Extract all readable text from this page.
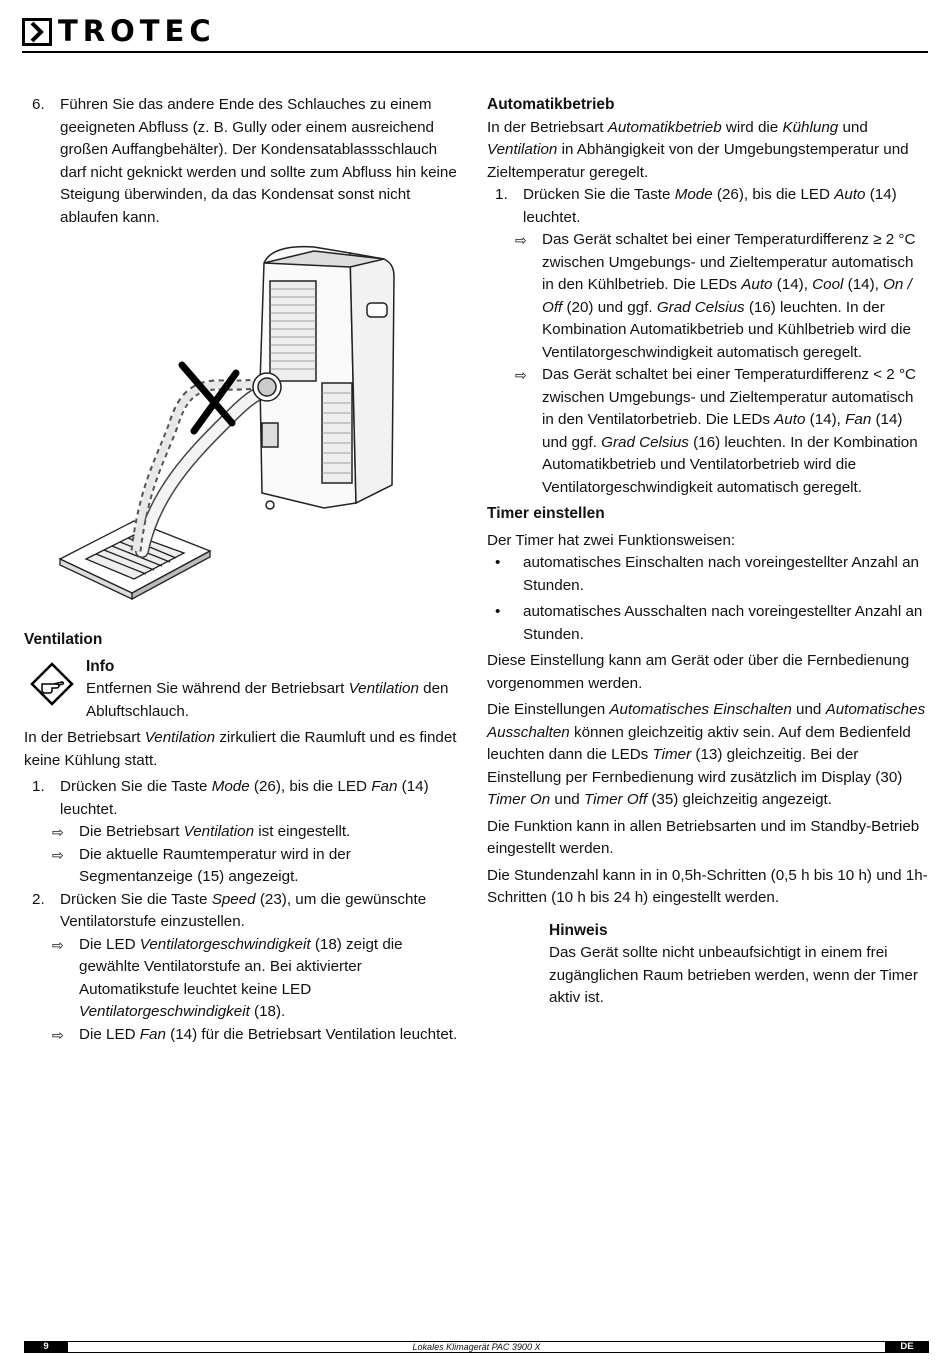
TROTEC
6. Führen Sie das andere Ende des Schlauches zu einem geeigneten Abfluss (z. B. Gully oder einem ausreichend großen Auffangbehälter). Der Kondensatablassschlauch darf nicht geknickt werden und sollte zum Abfluss hin keine Steigung überwinden, da das Kondensat sonst nicht ablaufen kann.
Ventilation
Info
Entfernen Sie während der Betriebsart Ventilation den Abluftschlauch.
In der Betriebsart Ventilation zirkuliert die Raumluft und es findet keine Kühlung statt.
1. Drücken Sie die Taste Mode (26), bis die LED Fan (14) leuchtet.
⇨ Die Betriebsart Ventilation ist eingestellt.
⇨ Die aktuelle Raumtemperatur wird in der Segmentanzeige (15) angezeigt.
2. Drücken Sie die Taste Speed (23), um die gewünschte Ventilatorstufe einzustellen.
⇨ Die LED Ventilatorgeschwindigkeit (18) zeigt die gewählte Ventilatorstufe an. Bei aktivierter Automatikstufe leuchtet keine LED Ventilatorgeschwindigkeit (18).
⇨ Die LED Fan (14) für die Betriebsart Ventilation leuchtet.
Automatikbetrieb
In der Betriebsart Automatikbetrieb wird die Kühlung und Ventilation in Abhängigkeit von der Umgebungstemperatur und Zieltemperatur geregelt.
1. Drücken Sie die Taste Mode (26), bis die LED Auto (14) leuchtet.
⇨ Das Gerät schaltet bei einer Temperaturdifferenz ≥ 2 °C zwischen Umgebungs- und Zieltemperatur automatisch in den Kühlbetrieb. Die LEDs Auto (14), Cool (14), On / Off (20) und ggf. Grad Celsius (16) leuchten. In der Kombination Automatikbetrieb und Kühlbetrieb wird die Ventilatorgeschwindigkeit automatisch geregelt.
⇨ Das Gerät schaltet bei einer Temperaturdifferenz < 2 °C zwischen Umgebungs- und Zieltemperatur automatisch in den Ventilatorbetrieb. Die LEDs Auto (14), Fan (14) und ggf. Grad Celsius (16) leuchten. In der Kombination Automatikbetrieb und Ventilatorbetrieb wird die Ventilatorgeschwindigkeit automatisch geregelt.
Timer einstellen
Der Timer hat zwei Funktionsweisen:
• automatisches Einschalten nach voreingestellter Anzahl an Stunden.
• automatisches Ausschalten nach voreingestellter Anzahl an Stunden.
Diese Einstellung kann am Gerät oder über die Fernbedienung vorgenommen werden.
Die Einstellungen Automatisches Einschalten und Automatisches Ausschalten können gleichzeitig aktiv sein. Auf dem Bedienfeld leuchten dann die LEDs Timer (13) gleichzeitig. Bei der Einstellung per Fernbedienung wird zusätzlich im Display (30) Timer On und Timer Off (35) gleichzeitig angezeigt.
Die Funktion kann in allen Betriebsarten und im Standby-Betrieb eingestellt werden.
Die Stundenzahl kann in in 0,5h-Schritten (0,5 h bis 10 h) und 1h-Schritten (10 h bis 24 h) eingestellt werden.
Hinweis
Das Gerät sollte nicht unbeaufsichtigt in einem frei zugänglichen Raum betrieben werden, wenn der Timer aktiv ist.
9	Lokales Klimagerät PAC 3900 X	DE
